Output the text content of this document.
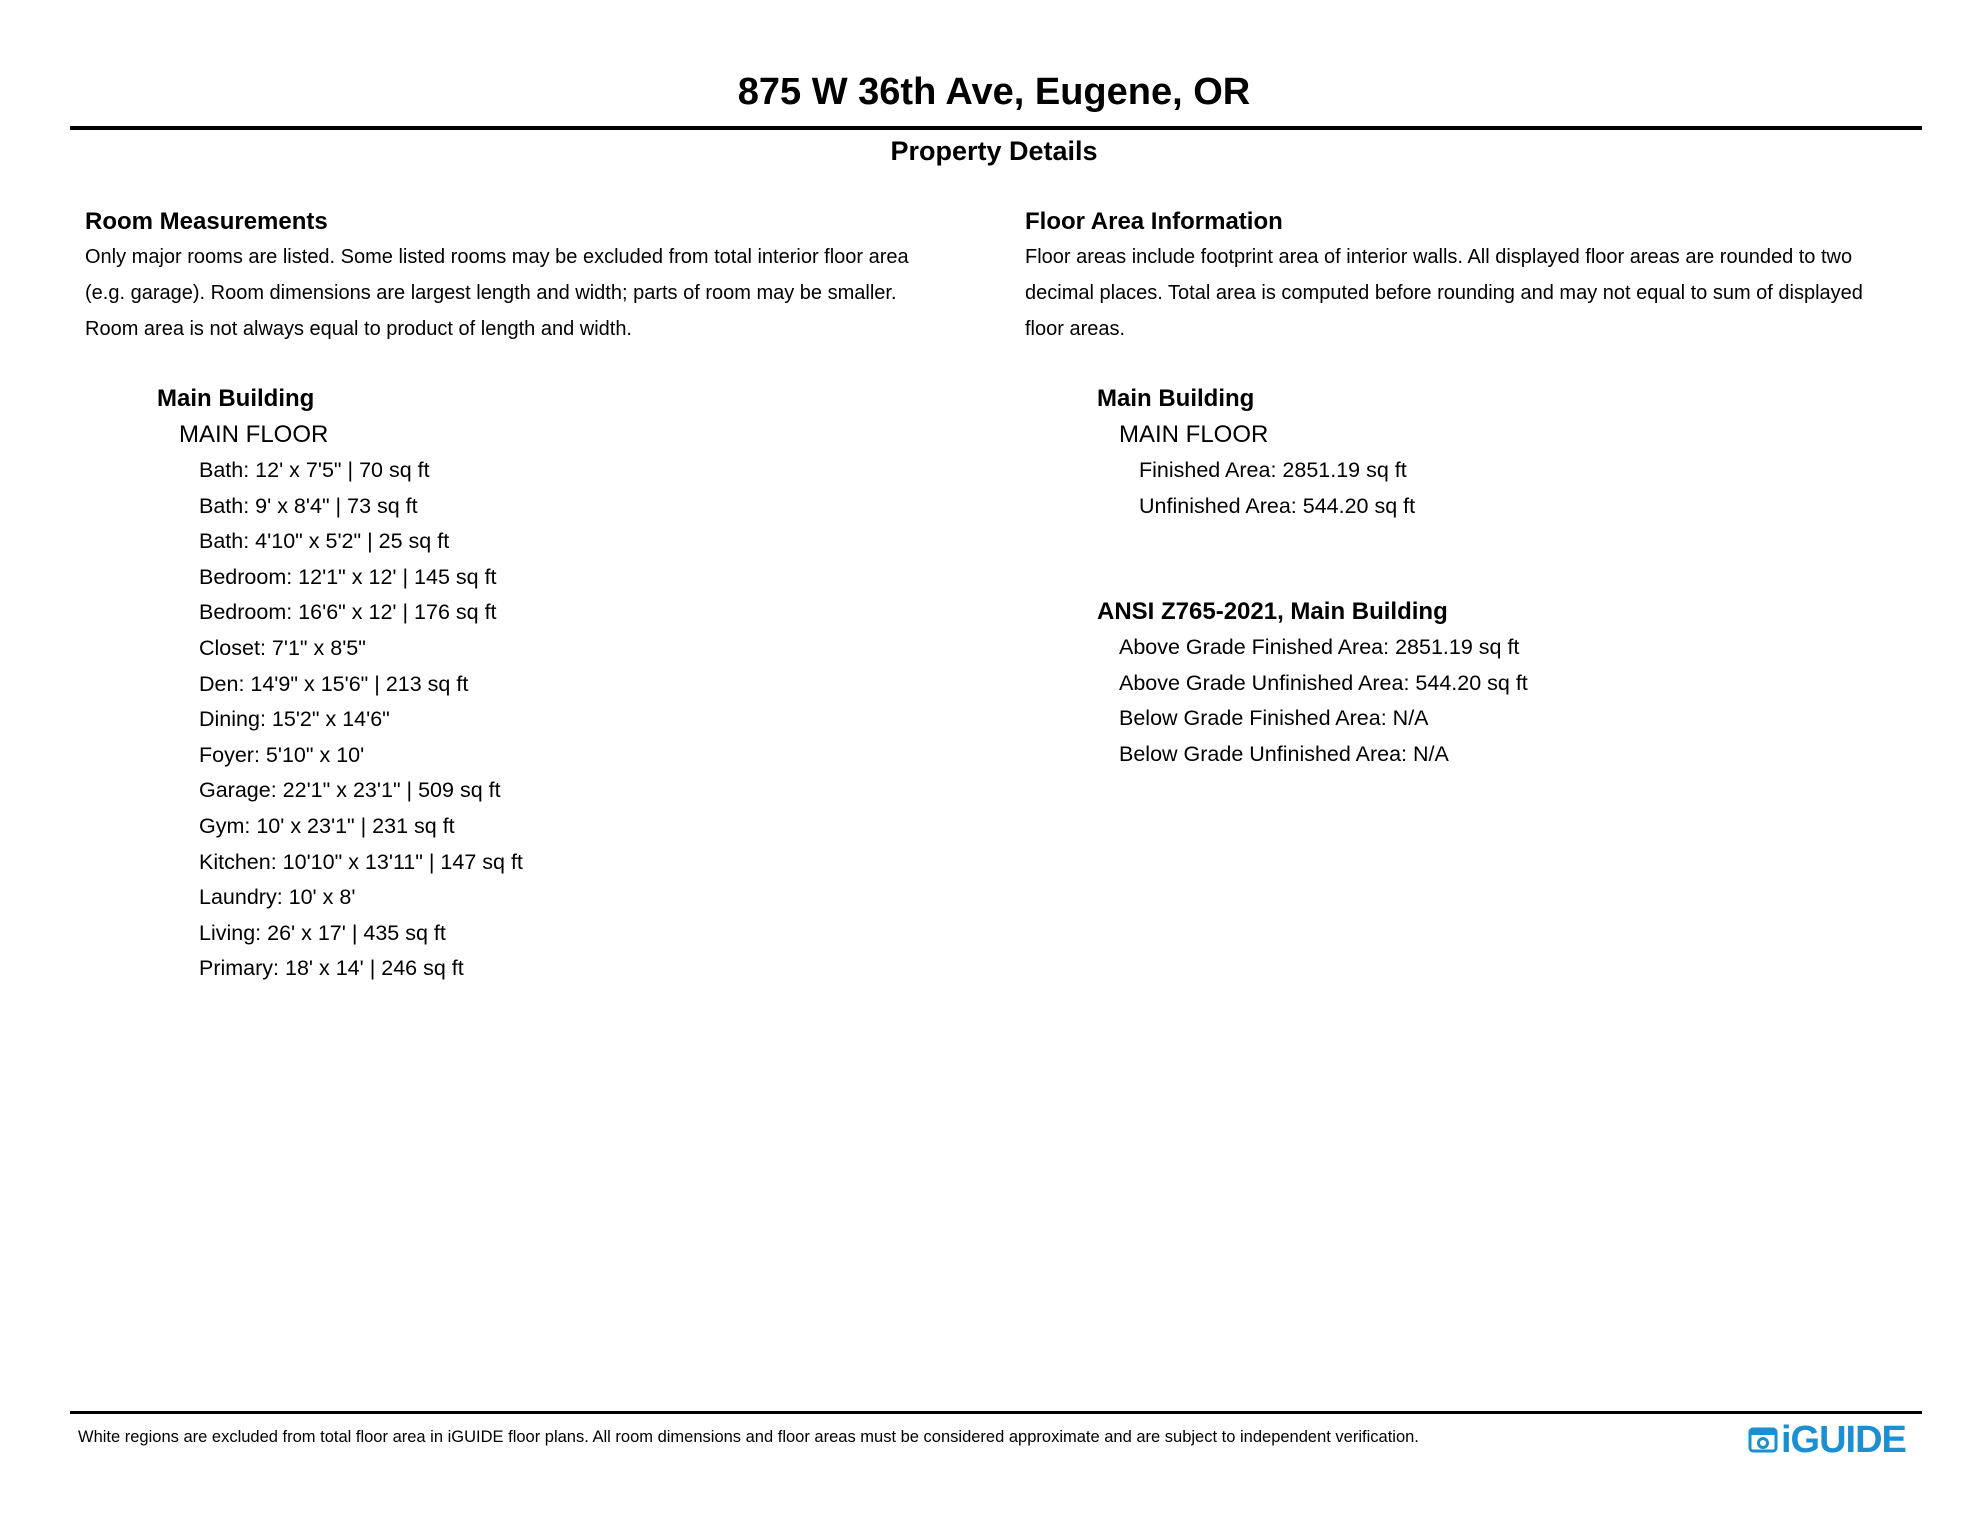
875 W 36th Ave, Eugene, OR
Property Details
Room Measurements

Only major rooms are listed. Some listed rooms may be excluded from total interior floor area

(e.g. garage). Room dimensions are largest length and width; parts of room may be smaller.

Room area is not always equal to product of length and width.

Main Building
MAIN FLOOR
Bath: 12' x 7'5" | 70 sq ft
Bath: 9' x 8'4" | 73 sq ft
Bath: 4'10" x 5'2" | 25 sq ft
Bedroom: 12'1" x 12' | 145 sq ft
Bedroom: 16'6" x 12' | 176 sq ft
Closet: 7'1" x 8'5"
Den: 14'9" x 15'6" | 213 sq ft
Dining: 15'2" x 14'6"
Foyer: 5'10" x 10'
Garage: 22'1" x 23'1" | 509 sq ft
Gym: 10' x 23'1" | 231 sq ft
Kitchen: 10'10" x 13'11" | 147 sq ft
Laundry: 10' x 8'
Living: 26' x 17' | 435 sq ft
Primary: 18' x 14' | 246 sq ft
Floor Area Information

Floor areas include footprint area of interior walls. All displayed floor areas are rounded to two

decimal places. Total area is computed before rounding and may not equal to sum of displayed

floor areas.

Main Building
MAIN FLOOR
Finished Area: 2851.19 sq ft
Unfinished Area: 544.20 sq ft
ANSI Z765-2021, Main Building
Above Grade Finished Area: 2851.19 sq ft
Above Grade Unfinished Area: 544.20 sq ft
Below Grade Finished Area: N/A
Below Grade Unfinished Area: N/A
White regions are excluded from total floor area in iGUIDE floor plans. All room dimensions and floor areas must be considered approximate and are subject to independent verification.	iGUIDE
